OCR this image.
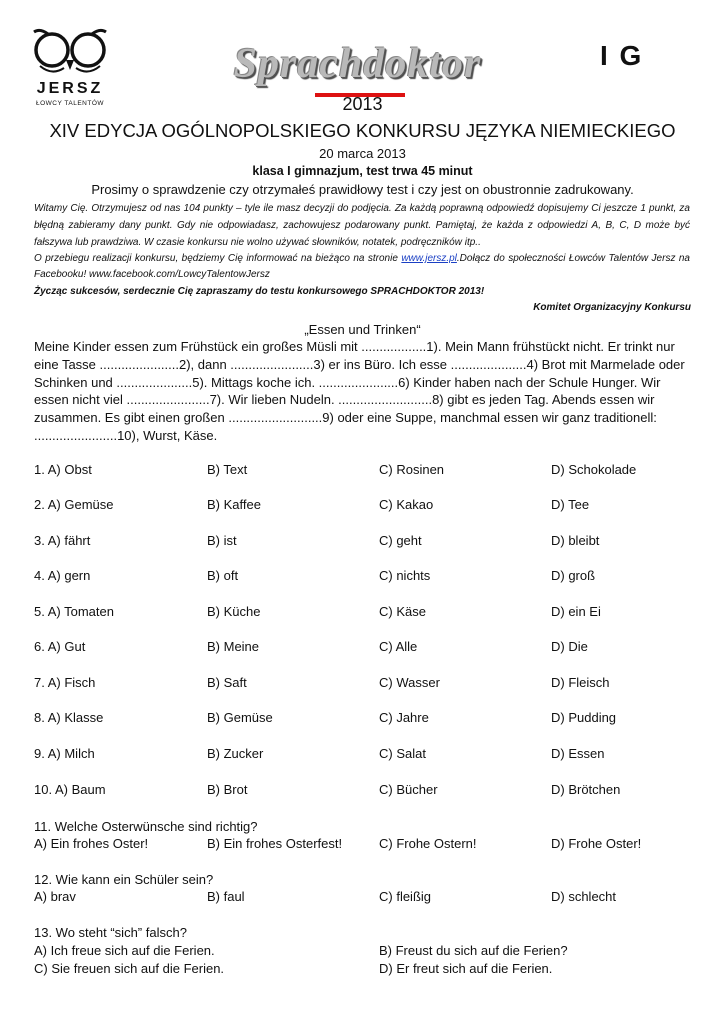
JERSZ
ŁOWCY TALENTÓW
Sprachdoktor	I G
2013
XIV EDYCJA OGÓLNOPOLSKIEGO KONKURSU JĘZYKA NIEMIECKIEGO
20 marca 2013
klasa I gimnazjum, test trwa 45 minut
Prosimy o sprawdzenie czy otrzymałeś prawidłowy test i czy jest on obustronnie zadrukowany.
Witamy Cię. Otrzymujesz od nas 104 punkty – tyle ile masz decyzji do podjęcia. Za każdą poprawną odpowiedź dopisujemy Ci jeszcze 1 punkt, za błędną zabieramy dany punkt. Gdy nie odpowiadasz, zachowujesz podarowany punkt. Pamiętaj, że każda z odpowiedzi A, B, C, D może być fałszywa lub prawdziwa. W czasie konkursu nie wolno używać słowników, notatek, podręczników itp..
O przebiegu realizacji konkursu, będziemy Cię informować na bieżąco na stronie www.jersz.pl.Dołącz do społeczności Łowców Talentów Jersz na Facebooku! www.facebook.com/LowcyTalentowJersz
Życząc sukcesów, serdecznie Cię zapraszamy do testu konkursowego SPRACHDOKTOR 2013!
Komitet Organizacyjny Konkursu
„Essen und Trinken“
Meine Kinder essen zum Frühstück ein großes Müsli mit ..................1). Mein Mann frühstückt nicht. Er trinkt nur eine Tasse ......................2), dann .......................3) er ins Büro. Ich esse .....................4) Brot mit Marmelade oder Schinken und .....................5). Mittags koche ich. ......................6) Kinder haben nach der Schule Hunger. Wir essen nicht viel .......................7). Wir lieben Nudeln. ..........................8) gibt es jeden Tag. Abends essen wir zusammen. Es gibt einen großen ..........................9) oder eine Suppe, manchmal essen wir ganz traditionell: .......................10), Wurst, Käse.
1. A) Obst	B) Text	C) Rosinen	D) Schokolade
2. A) Gemüse	B) Kaffee	C) Kakao	D) Tee
3. A) fährt	B) ist	C) geht	D) bleibt
4. A) gern	B) oft	C) nichts	D) groß
5. A) Tomaten	B) Küche	C) Käse	D) ein Ei
6. A) Gut	B) Meine	C) Alle	D) Die
7. A) Fisch	B) Saft	C) Wasser	D) Fleisch
8. A) Klasse	B) Gemüse	C) Jahre	D) Pudding
9. A) Milch	B) Zucker	C) Salat	D) Essen
10. A) Baum	B) Brot	C) Bücher	D) Brötchen
11. Welche Osterwünsche sind richtig?
A) Ein frohes Oster!	B) Ein frohes Osterfest!	C) Frohe Ostern!	D) Frohe Oster!
12. Wie kann ein Schüler sein?
A) brav	B) faul	C) fleißig	D) schlecht
13. Wo steht “sich” falsch?
A) Ich freue sich auf die Ferien.	B) Freust du sich auf die Ferien?
C) Sie freuen sich auf die Ferien.	D) Er freut sich auf die Ferien.
